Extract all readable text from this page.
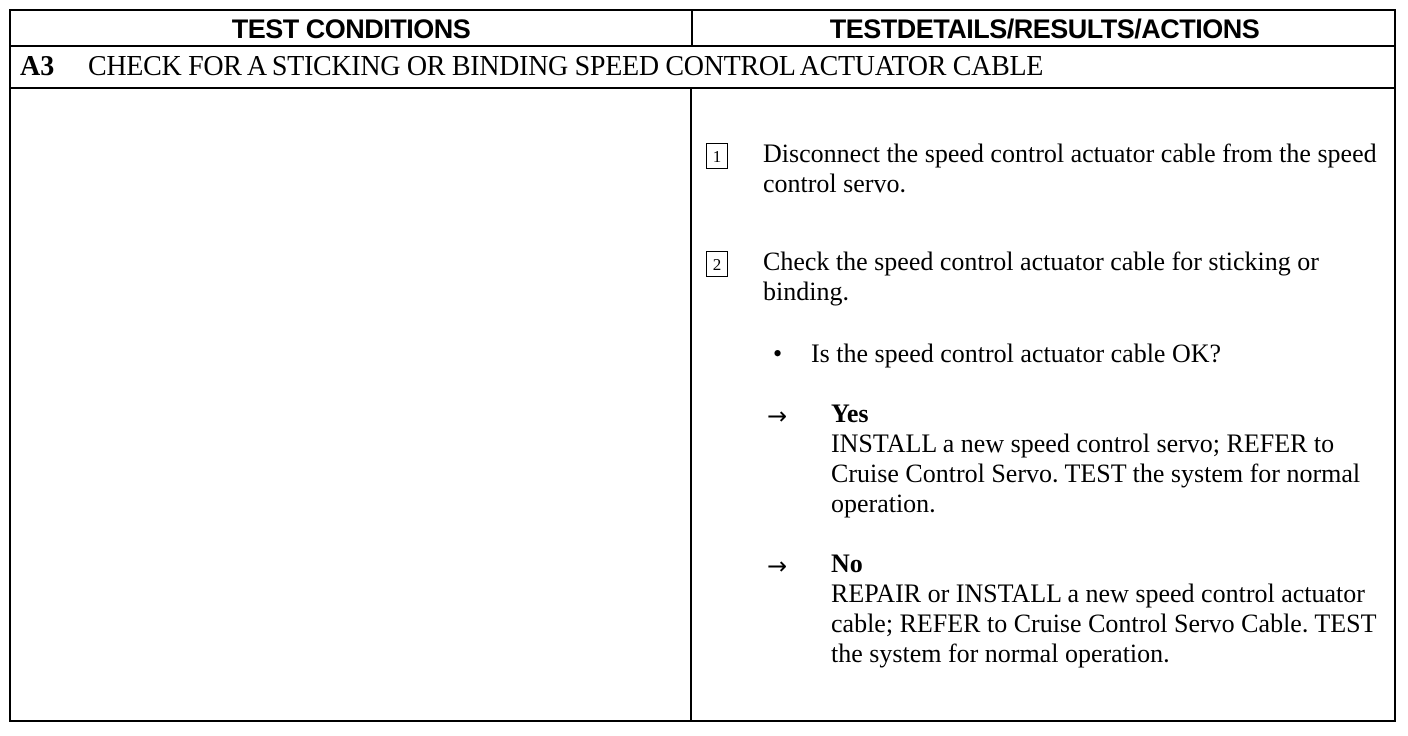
TEST CONDITIONS	TESTDETAILS/RESULTS/ACTIONS
A3 CHECK FOR A STICKING OR BINDING SPEED CONTROL ACTUATOR CABLE
1 Disconnect the speed control actuator cable from the speed control servo.
2 Check the speed control actuator cable for sticking or binding.
• Is the speed control actuator cable OK?
→ Yes
INSTALL a new speed control servo; REFER to Cruise Control Servo. TEST the system for normal operation.
→ No
REPAIR or INSTALL a new speed control actuator cable; REFER to Cruise Control Servo Cable. TEST the system for normal operation.
